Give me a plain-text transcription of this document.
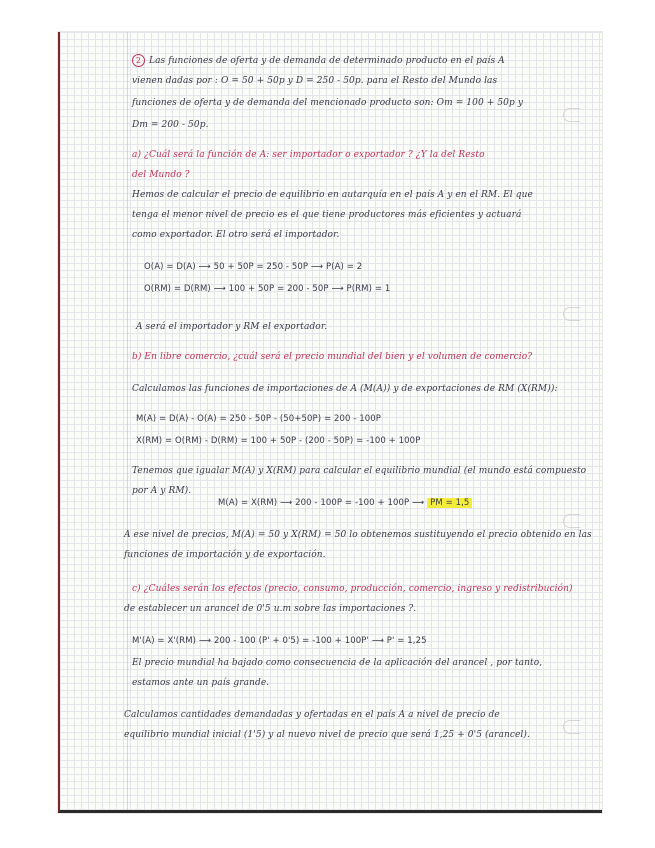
2 Las funciones de oferta y de demanda de determinado producto en el país A
vienen dadas por : O = 50 + 50p y D = 250 - 50p. para el Resto del Mundo las
funciones de oferta y de demanda del mencionado producto son: Om = 100 + 50p y
Dm = 200 - 50p.
a) ¿Cuál será la función de A: ser importador o exportador ? ¿Y la del Resto
del Mundo ?
Hemos de calcular el precio de equilibrio en autarquía en el país A y en el RM. El que
tenga el menor nivel de precio es el que tiene productores más eficientes y actuará
como exportador. El otro será el importador.
O(A) = D(A) ⟶ 50 + 50P = 250 - 50P ⟶ P(A) = 2
O(RM) = D(RM) ⟶ 100 + 50P = 200 - 50P ⟶ P(RM) = 1
A será el importador y RM el exportador.
b) En libre comercio, ¿cuál será el precio mundial del bien y el volumen de comercio?
Calculamos las funciones de importaciones de A (M(A)) y de exportaciones de RM (X(RM)):
M(A) = D(A) - O(A) = 250 - 50P - (50+50P) = 200 - 100P
X(RM) = O(RM) - D(RM) = 100 + 50P - (200 - 50P) = -100 + 100P
Tenemos que igualar M(A) y X(RM) para calcular el equilibrio mundial (el mundo está compuesto
por A y RM).
M(A) = X(RM) ⟶ 200 - 100P = -100 + 100P ⟶ PM = 1,5
A ese nivel de precios, M(A) = 50 y X(RM) = 50 lo obtenemos sustituyendo el precio obtenido en las
funciones de importación y de exportación.
c) ¿Cuáles serán los efectos (precio, consumo, producción, comercio, ingreso y redistribución)
de establecer un arancel de 0'5 u.m sobre las importaciones ?.
M'(A) = X'(RM) ⟶ 200 - 100 (P' + 0'5) = -100 + 100P' ⟶ P' = 1,25
El precio mundial ha bajado como consecuencia de la aplicación del arancel , por tanto,
estamos ante un país grande.
Calculamos cantidades demandadas y ofertadas en el país A a nivel de precio de
equilibrio mundial inicial (1'5) y al nuevo nivel de precio que será 1,25 + 0'5 (arancel).
